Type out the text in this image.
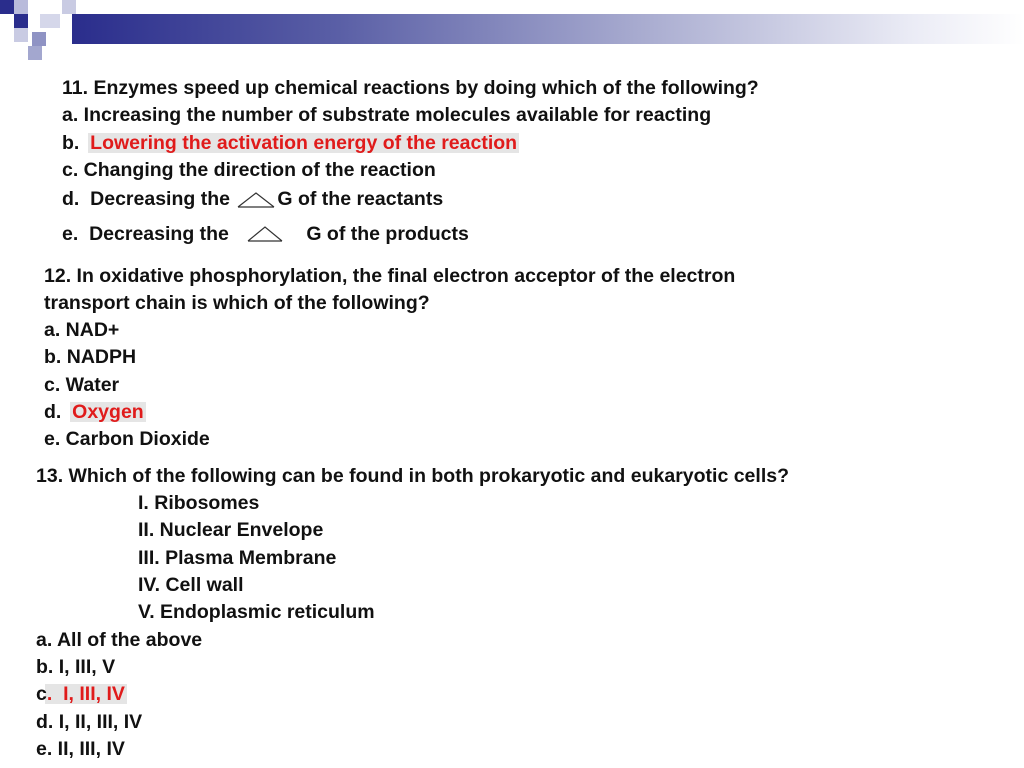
11. Enzymes speed up chemical reactions by doing which of the following?
a. Increasing the number of substrate molecules available for reacting
b.  Lowering the activation energy of the reaction
c. Changing the direction of the reaction
d.  Decreasing the G of the reactants
e.  Decreasing the	G of the products
12. In oxidative phosphorylation, the final electron acceptor of the electron
transport chain is which of the following?
a. NAD+
b. NADPH
c. Water
d.  Oxygen
e. Carbon Dioxide
13. Which of the following can be found in both prokaryotic and eukaryotic cells?
I. Ribosomes
II. Nuclear Envelope
III. Plasma Membrane
IV. Cell wall
V. Endoplasmic reticulum
a. All of the above
b. I, III, V
c.  I, III, IV
d. I, II, III, IV
e. II, III, IV
